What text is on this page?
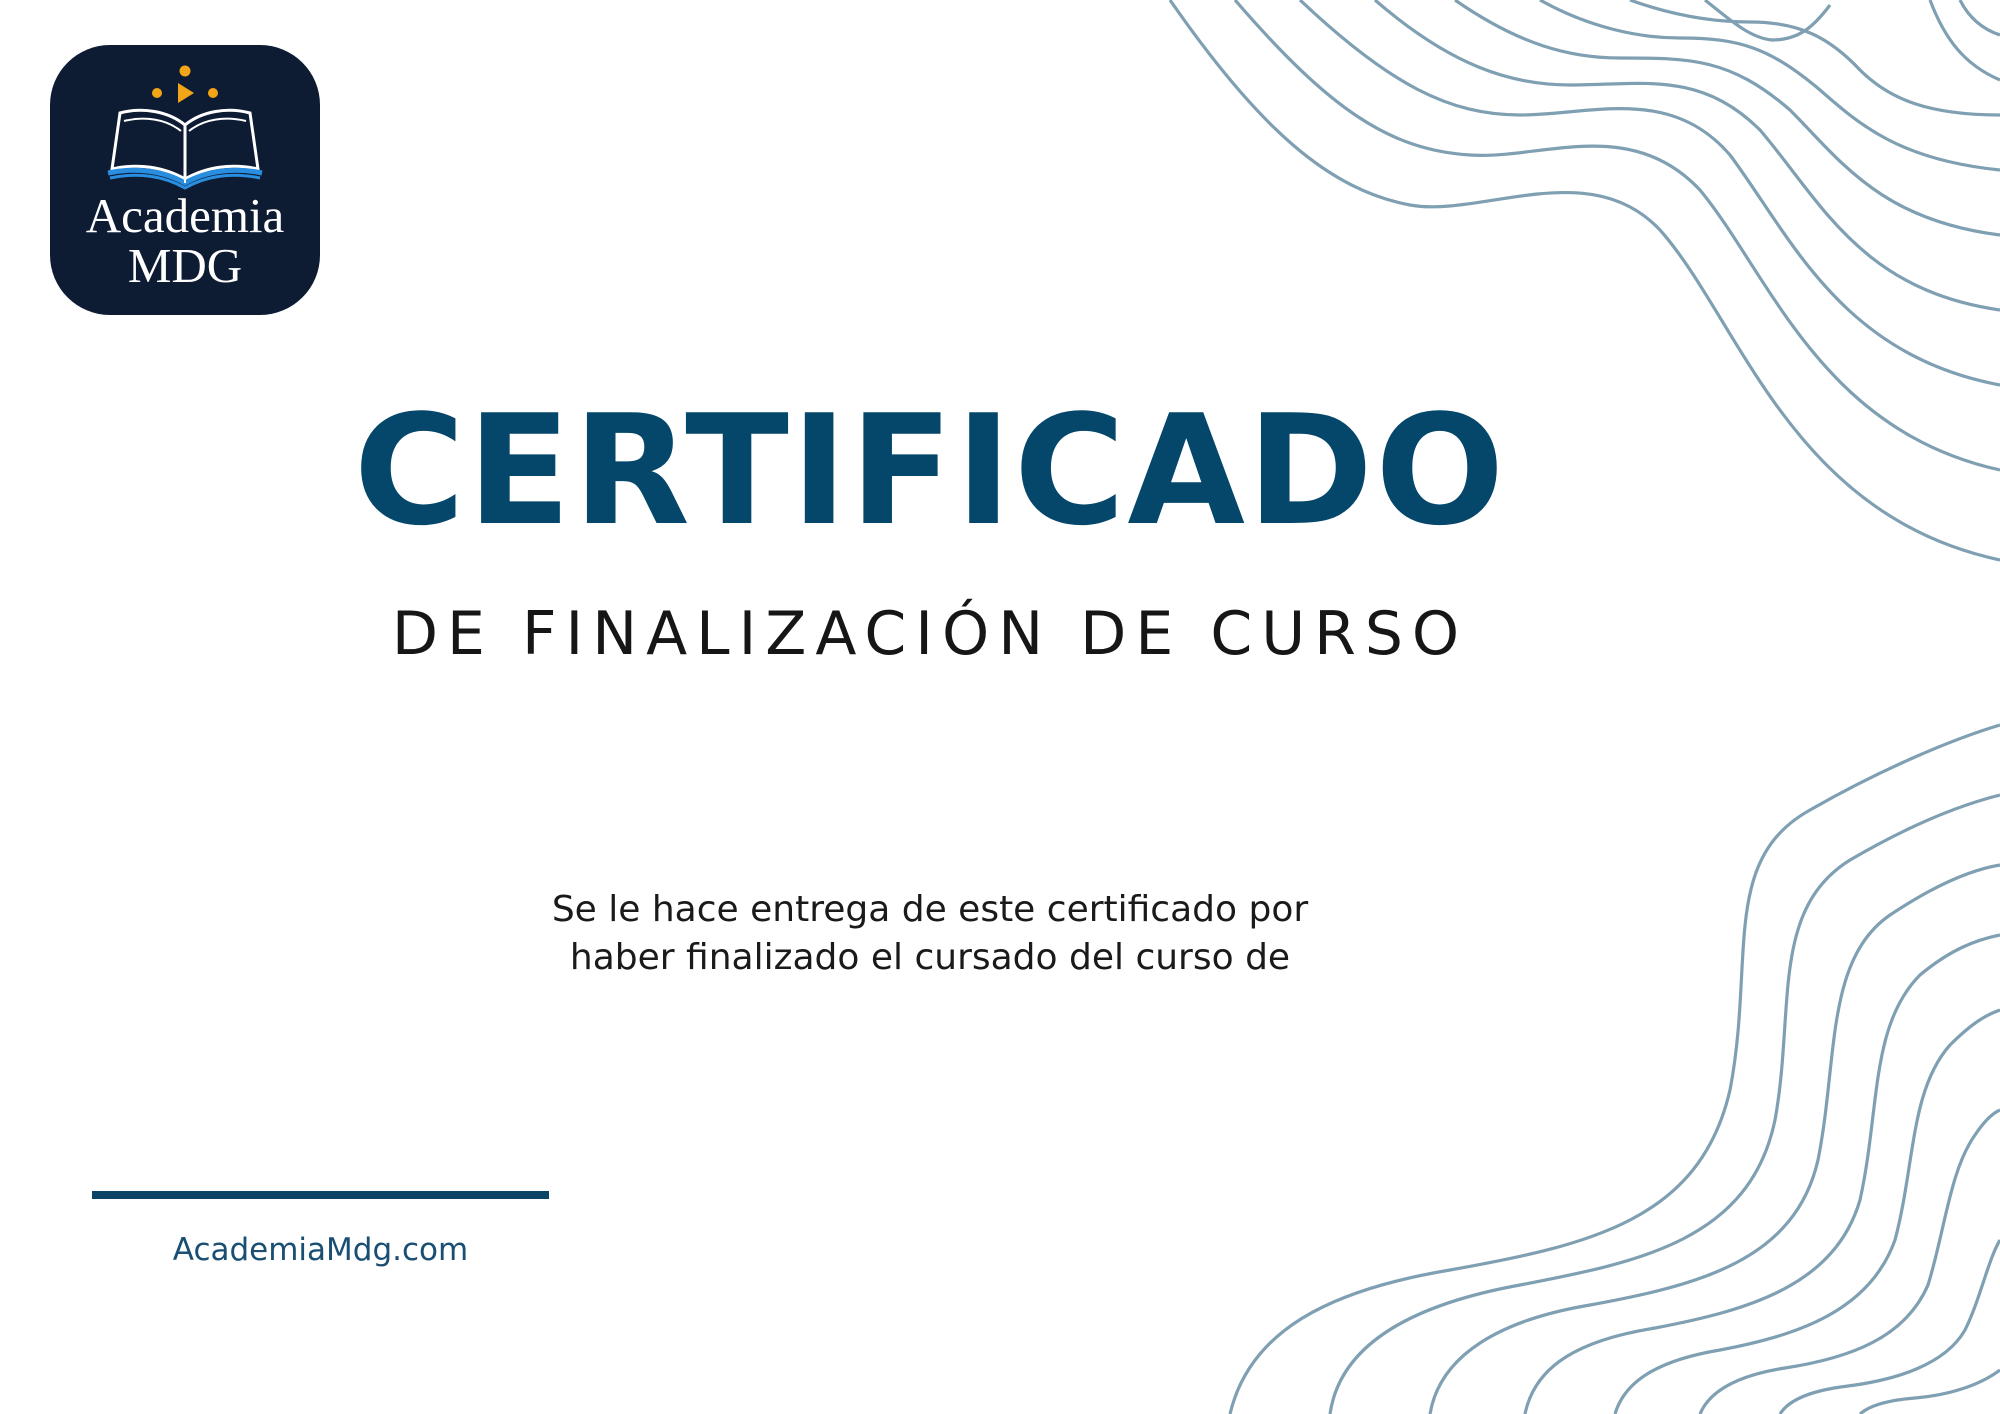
Academia
MDG
CERTIFICADO
DE FINALIZACIÓN DE CURSO
Se le hace entrega de este certificado por
haber finalizado el cursado del curso de
AcademiaMdg.com
